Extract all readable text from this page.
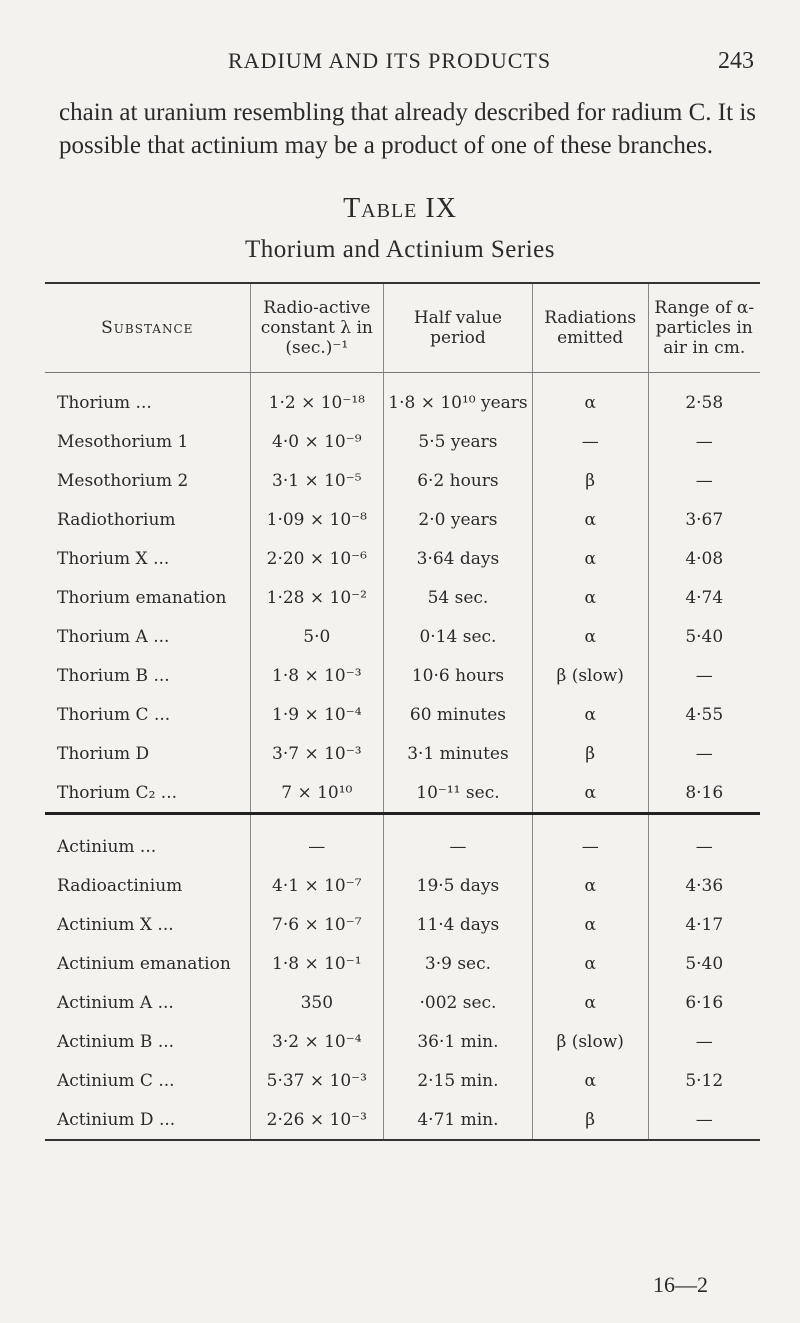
RADIUM AND ITS PRODUCTS	243
chain at uranium resembling that already described for radium C. It is possible that actinium may be a product of one of these branches.
Table IX
Thorium and Actinium Series
Substance	Radio-active constant λ in (sec.)⁻¹	Half value period	Radiations emitted	Range of α-particles in air in cm.
Thorium ...	1·2 × 10⁻¹⁸	1·8 × 10¹⁰ years	α	2·58
Mesothorium 1	4·0 × 10⁻⁹	5·5 years	—	—
Mesothorium 2	3·1 × 10⁻⁵	6·2 hours	β	—
Radiothorium	1·09 × 10⁻⁸	2·0 years	α	3·67
Thorium X ...	2·20 × 10⁻⁶	3·64 days	α	4·08
Thorium emanation	1·28 × 10⁻²	54 sec.	α	4·74
Thorium A ...	5·0	0·14 sec.	α	5·40
Thorium B ...	1·8 × 10⁻³	10·6 hours	β (slow)	—
Thorium C ...	1·9 × 10⁻⁴	60 minutes	α	4·55
Thorium D	3·7 × 10⁻³	3·1 minutes	β	—
Thorium C₂ ...	7 × 10¹⁰	10⁻¹¹ sec.	α	8·16
Actinium ...	—	—	—	—
Radioactinium	4·1 × 10⁻⁷	19·5 days	α	4·36
Actinium X ...	7·6 × 10⁻⁷	11·4 days	α	4·17
Actinium emanation	1·8 × 10⁻¹	3·9 sec.	α	5·40
Actinium A ...	350	·002 sec.	α	6·16
Actinium B ...	3·2 × 10⁻⁴	36·1 min.	β (slow)	—
Actinium C ...	5·37 × 10⁻³	2·15 min.	α	5·12
Actinium D ...	2·26 × 10⁻³	4·71 min.	β	—
16—2
